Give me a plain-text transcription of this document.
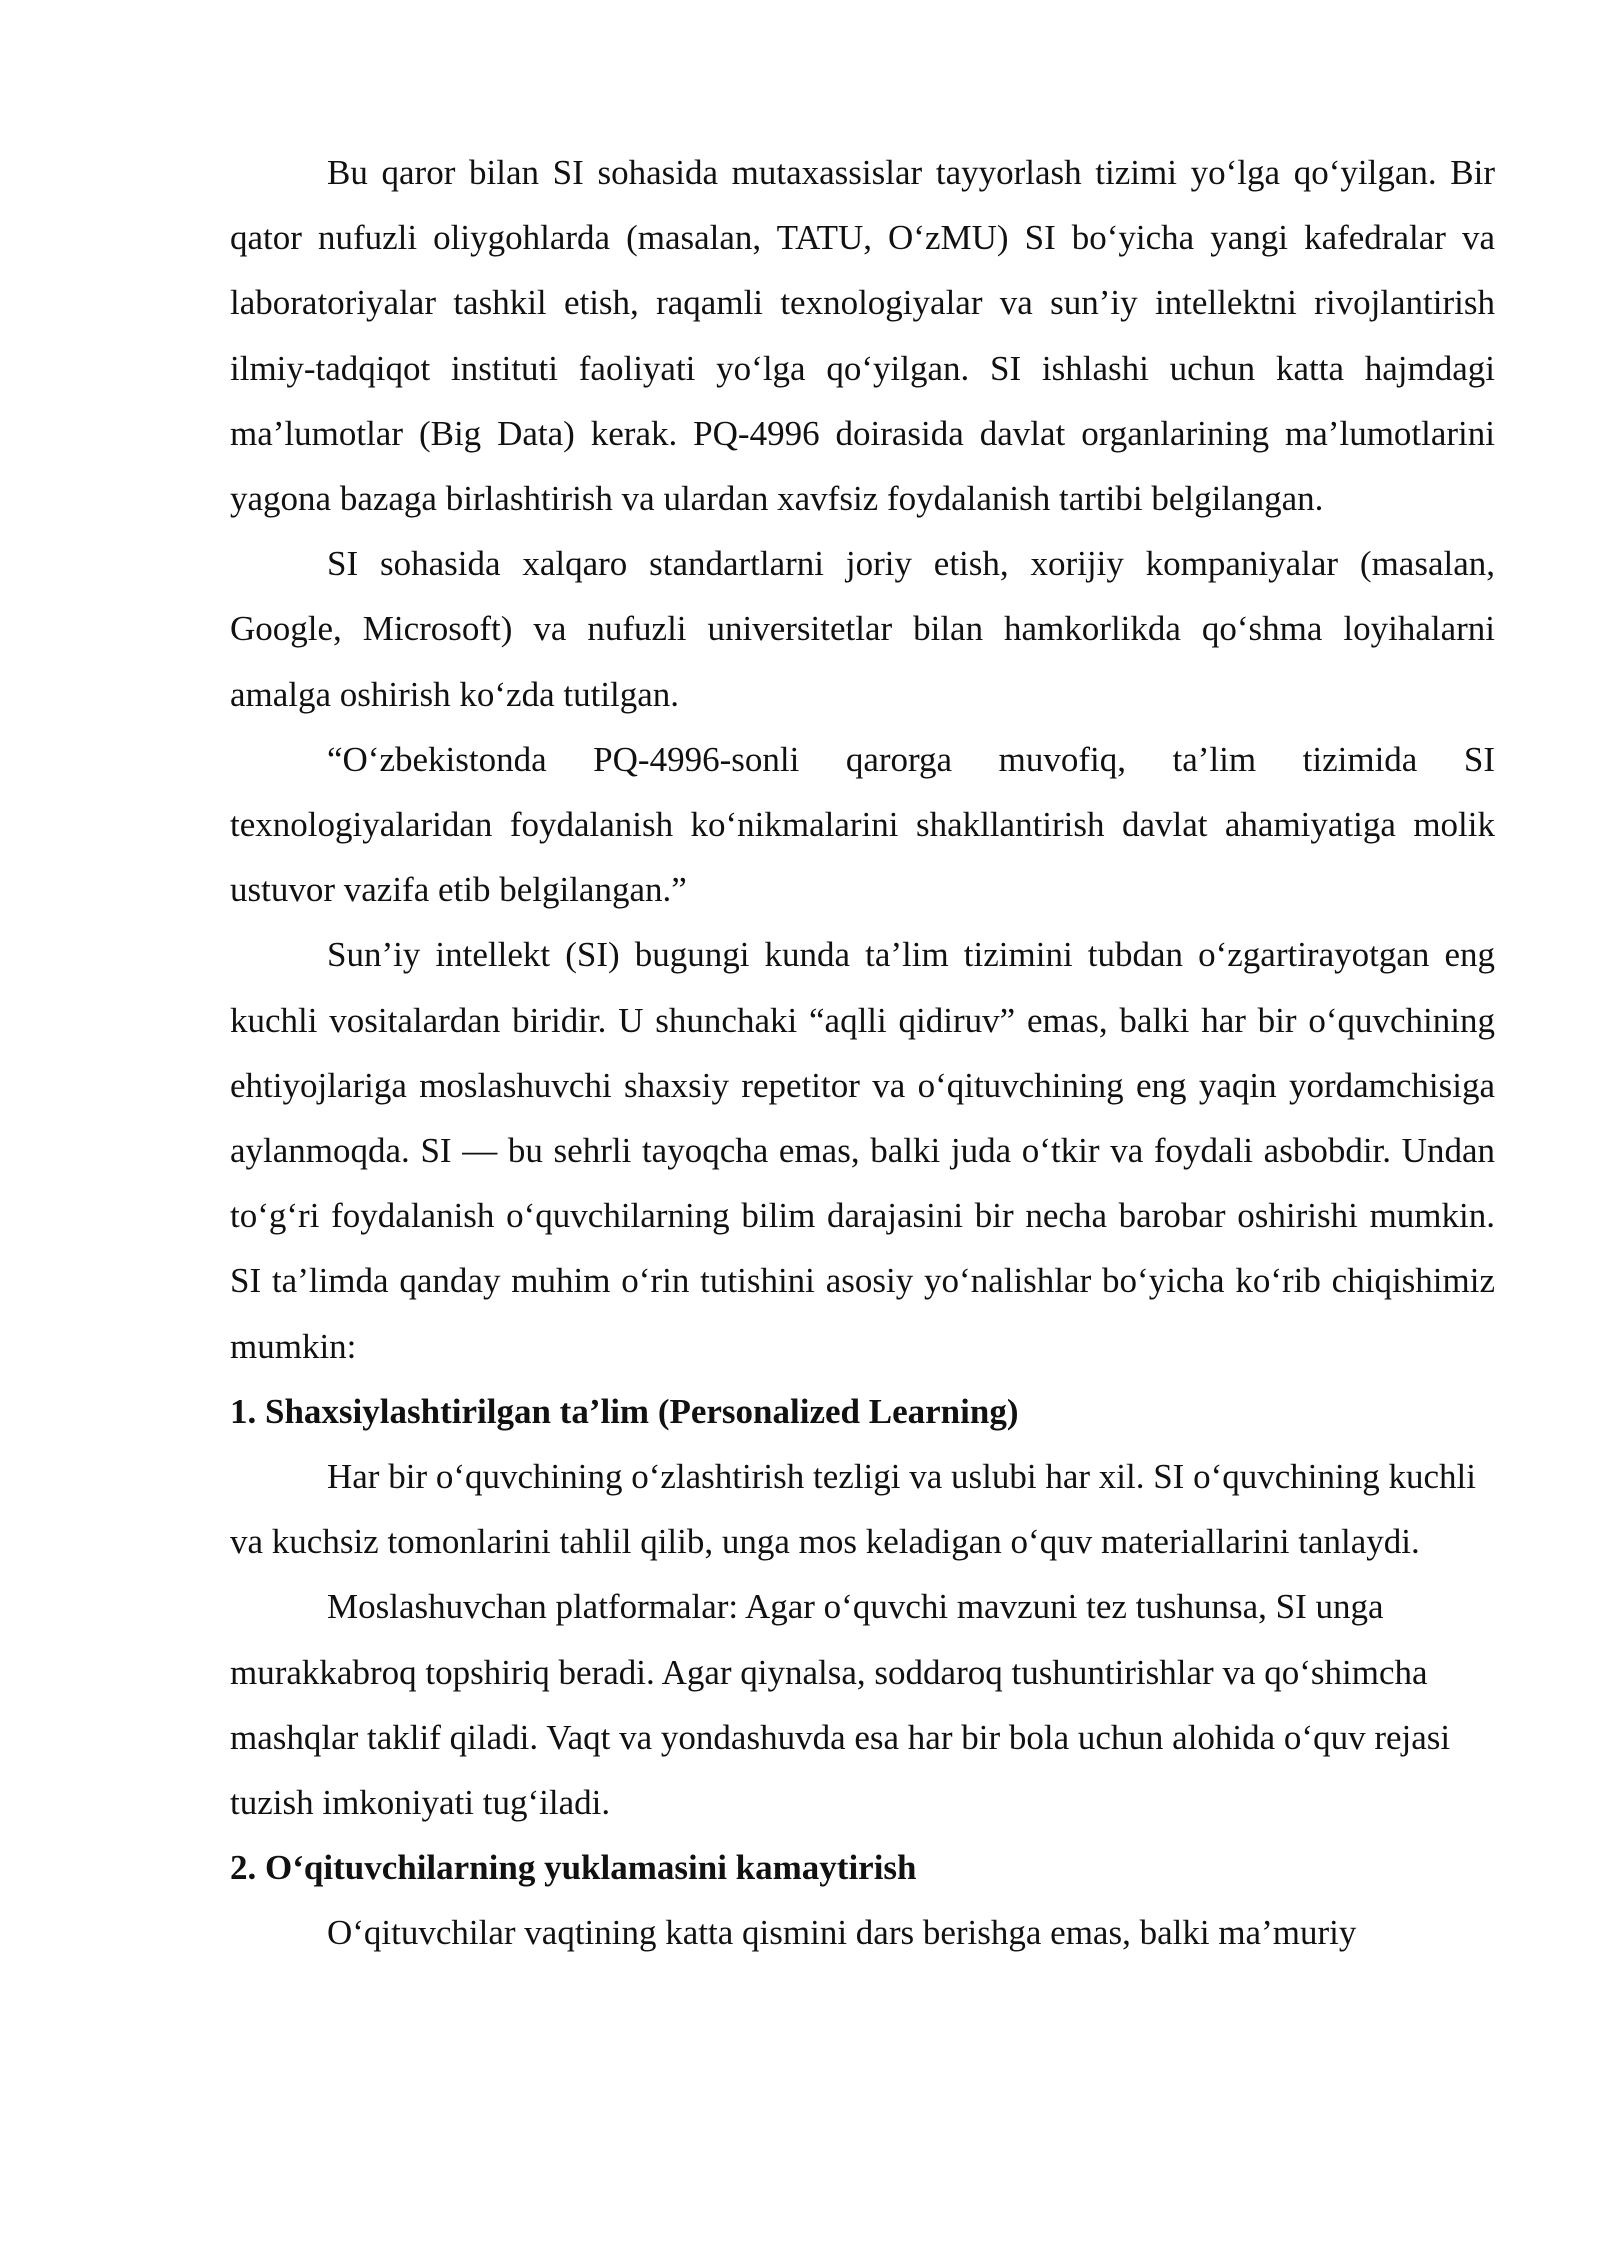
Bu qaror bilan SI sohasida mutaxassislar tayyorlash tizimi yo‘lga qo‘yilgan. Bir qator nufuzli oliygohlarda (masalan, TATU, O‘zMU) SI bo‘yicha yangi kafedralar va laboratoriyalar tashkil etish, raqamli texnologiyalar va sun’iy intellektni rivojlantirish ilmiy-tadqiqot instituti faoliyati yo‘lga qo‘yilgan. SI ishlashi uchun katta hajmdagi ma’lumotlar (Big Data) kerak. PQ-4996 doirasida davlat organlarining ma’lumotlarini yagona bazaga birlashtirish va ulardan xavfsiz foydalanish tartibi belgilangan.

SI sohasida xalqaro standartlarni joriy etish, xorijiy kompaniyalar (masalan, Google, Microsoft) va nufuzli universitetlar bilan hamkorlikda qo‘shma loyihalarni amalga oshirish ko‘zda tutilgan.

“O‘zbekistonda PQ-4996-sonli qarorga muvofiq, ta’lim tizimida SI texnologiyalaridan foydalanish ko‘nikmalarini shakllantirish davlat ahamiyatiga molik ustuvor vazifa etib belgilangan.”

Sun’iy intellekt (SI) bugungi kunda ta’lim tizimini tubdan o‘zgartirayotgan eng kuchli vositalardan biridir. U shunchaki “aqlli qidiruv” emas, balki har bir o‘quvchining ehtiyojlariga moslashuvchi shaxsiy repetitor va o‘qituvchining eng yaqin yordamchisiga aylanmoqda. SI — bu sehrli tayoqcha emas, balki juda o‘tkir va foydali asbobdir. Undan to‘g‘ri foydalanish o‘quvchilarning bilim darajasini bir necha barobar oshirishi mumkin. SI ta’limda qanday muhim o‘rin tutishini asosiy yo‘nalishlar bo‘yicha ko‘rib chiqishimiz mumkin:

1. Shaxsiylashtirilgan ta’lim (Personalized Learning)

Har bir o‘quvchining o‘zlashtirish tezligi va uslubi har xil. SI o‘quvchining kuchli va kuchsiz tomonlarini tahlil qilib, unga mos keladigan o‘quv materiallarini tanlaydi.

Moslashuvchan platformalar: Agar o‘quvchi mavzuni tez tushunsa, SI unga murakkabroq topshiriq beradi. Agar qiynalsa, soddaroq tushuntirishlar va qo‘shimcha mashqlar taklif qiladi. Vaqt va yondashuvda esa har bir bola uchun alohida o‘quv rejasi tuzish imkoniyati tug‘iladi.

2. O‘qituvchilarning yuklamasini kamaytirish

O‘qituvchilar vaqtining katta qismini dars berishga emas, balki ma’muriy
